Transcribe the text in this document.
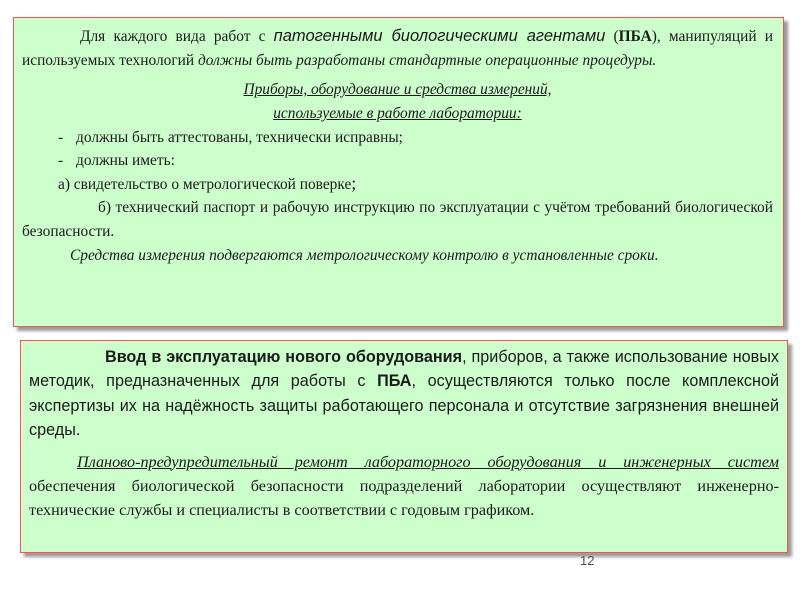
Для каждого вида работ с патогенными биологическими агентами (ПБА), манипуляций и используемых технологий должны быть разработаны стандартные операционные процедуры.

Приборы, оборудование и средства измерений,

используемые в работе лаборатории:

- должны быть аттестованы, технически исправны;

- должны иметь:

а) свидетельство о метрологической поверке;

б) технический паспорт и рабочую инструкцию по эксплуатации с учётом требований биологической безопасности.

Средства измерения подвергаются метрологическому контролю в установленные сроки.

Ввод в эксплуатацию нового оборудования, приборов, а также использование новых методик, предназначенных для работы с ПБА, осуществляются только после комплексной экспертизы их на надёжность защиты работающего персонала и отсутствие загрязнения внешней среды.

Планово-предупредительный ремонт лабораторного оборудования и инженерных систем обеспечения биологической безопасности подразделений лаборатории осуществляют инженерно-технические службы и специалисты в соответствии с годовым графиком.

12
